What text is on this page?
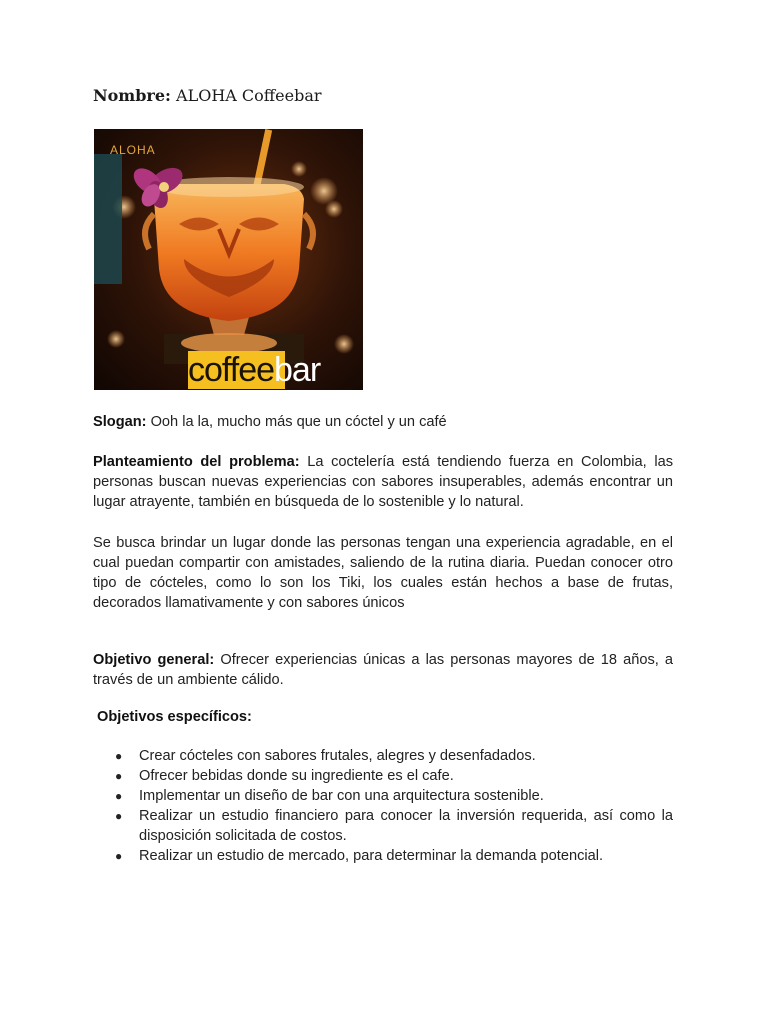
Nombre: ALOHA Coffeebar

ALOHA
coffeebar

Slogan: Ooh la la, mucho más que un cóctel y un café

Planteamiento del problema: La coctelería está tendiendo fuerza en Colombia, las personas buscan nuevas experiencias con sabores insuperables, además encontrar un lugar atrayente, también en búsqueda de lo sostenible y lo natural.

Se busca brindar un lugar donde las personas tengan una experiencia agradable, en el cual puedan compartir con amistades, saliendo de la rutina diaria. Puedan conocer otro tipo de cócteles, como lo son los Tiki, los cuales están hechos a base de frutas, decorados llamativamente y con sabores únicos

Objetivo general: Ofrecer experiencias únicas a las personas mayores de 18 años, a través de un ambiente cálido.

Objetivos específicos:

● Crear cócteles con sabores frutales, alegres y desenfadados.
● Ofrecer bebidas donde su ingrediente es el cafe.
● Implementar un diseño de bar con una arquitectura sostenible.
● Realizar un estudio financiero para conocer la inversión requerida, así como la disposición solicitada de costos.
● Realizar un estudio de mercado, para determinar la demanda potencial.
